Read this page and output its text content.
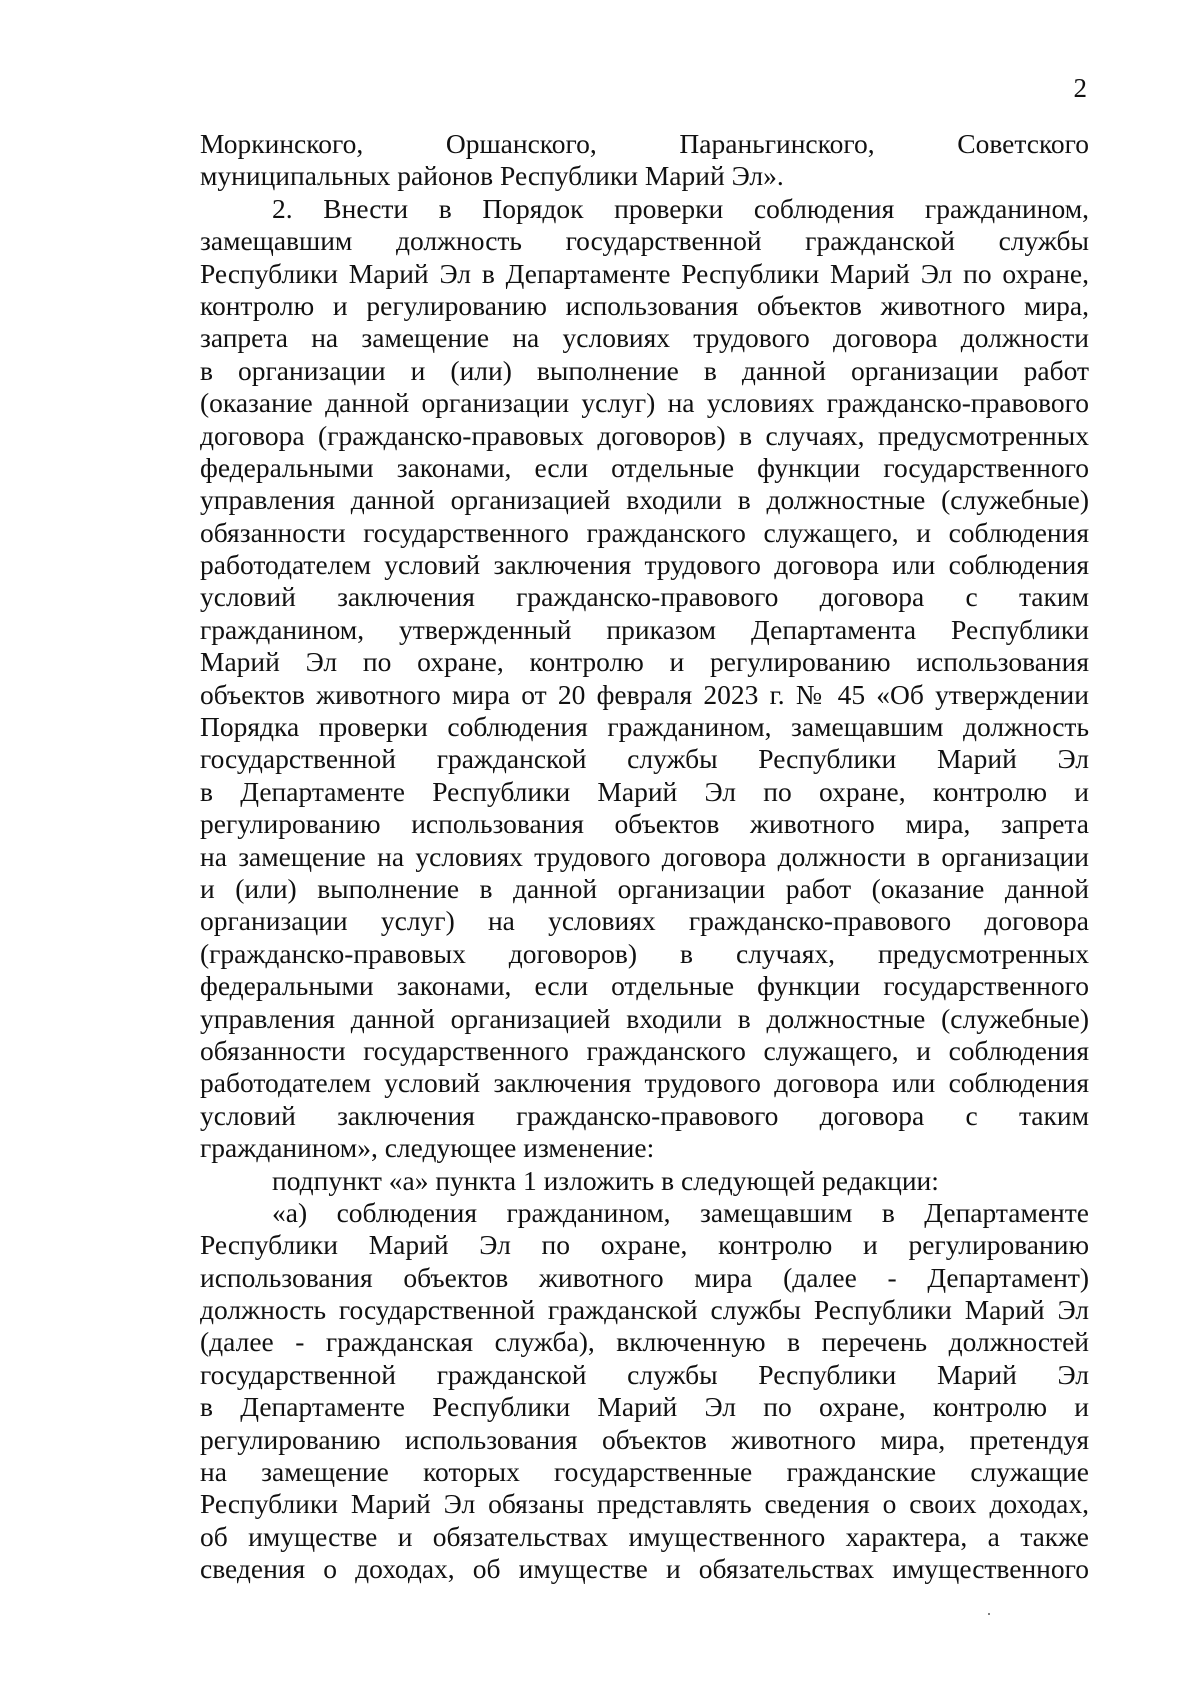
2
Моркинского, Оршанского, Параньгинского, Советского
муниципальных районов Республики Марий Эл».
2. Внести в Порядок проверки соблюдения гражданином,
замещавшим должность государственной гражданской службы
Республики Марий Эл в Департаменте Республики Марий Эл по охране,
контролю и регулированию использования объектов животного мира,
запрета на замещение на условиях трудового договора должности
в организации и (или) выполнение в данной организации работ
(оказание данной организации услуг) на условиях гражданско-правового
договора (гражданско-правовых договоров) в случаях, предусмотренных
федеральными законами, если отдельные функции государственного
управления данной организацией входили в должностные (служебные)
обязанности государственного гражданского служащего, и соблюдения
работодателем условий заключения трудового договора или соблюдения
условий заключения гражданско-правового договора с таким
гражданином, утвержденный приказом Департамента Республики
Марий Эл по охране, контролю и регулированию использования
объектов животного мира от 20 февраля 2023 г. № 45 «Об утверждении
Порядка проверки соблюдения гражданином, замещавшим должность
государственной гражданской службы Республики Марий Эл
в Департаменте Республики Марий Эл по охране, контролю и
регулированию использования объектов животного мира, запрета
на замещение на условиях трудового договора должности в организации
и (или) выполнение в данной организации работ (оказание данной
организации услуг) на условиях гражданско-правового договора
(гражданско-правовых договоров) в случаях, предусмотренных
федеральными законами, если отдельные функции государственного
управления данной организацией входили в должностные (служебные)
обязанности государственного гражданского служащего, и соблюдения
работодателем условий заключения трудового договора или соблюдения
условий заключения гражданско-правового договора с таким
гражданином», следующее изменение:
подпункт «а» пункта 1 изложить в следующей редакции:
«а) соблюдения гражданином, замещавшим в Департаменте
Республики Марий Эл по охране, контролю и регулированию
использования объектов животного мира (далее - Департамент)
должность государственной гражданской службы Республики Марий Эл
(далее - гражданская служба), включенную в перечень должностей
государственной гражданской службы Республики Марий Эл
в Департаменте Республики Марий Эл по охране, контролю и
регулированию использования объектов животного мира, претендуя
на замещение которых государственные гражданские служащие
Республики Марий Эл обязаны представлять сведения о своих доходах,
об имуществе и обязательствах имущественного характера, а также
сведения о доходах, об имуществе и обязательствах имущественного
